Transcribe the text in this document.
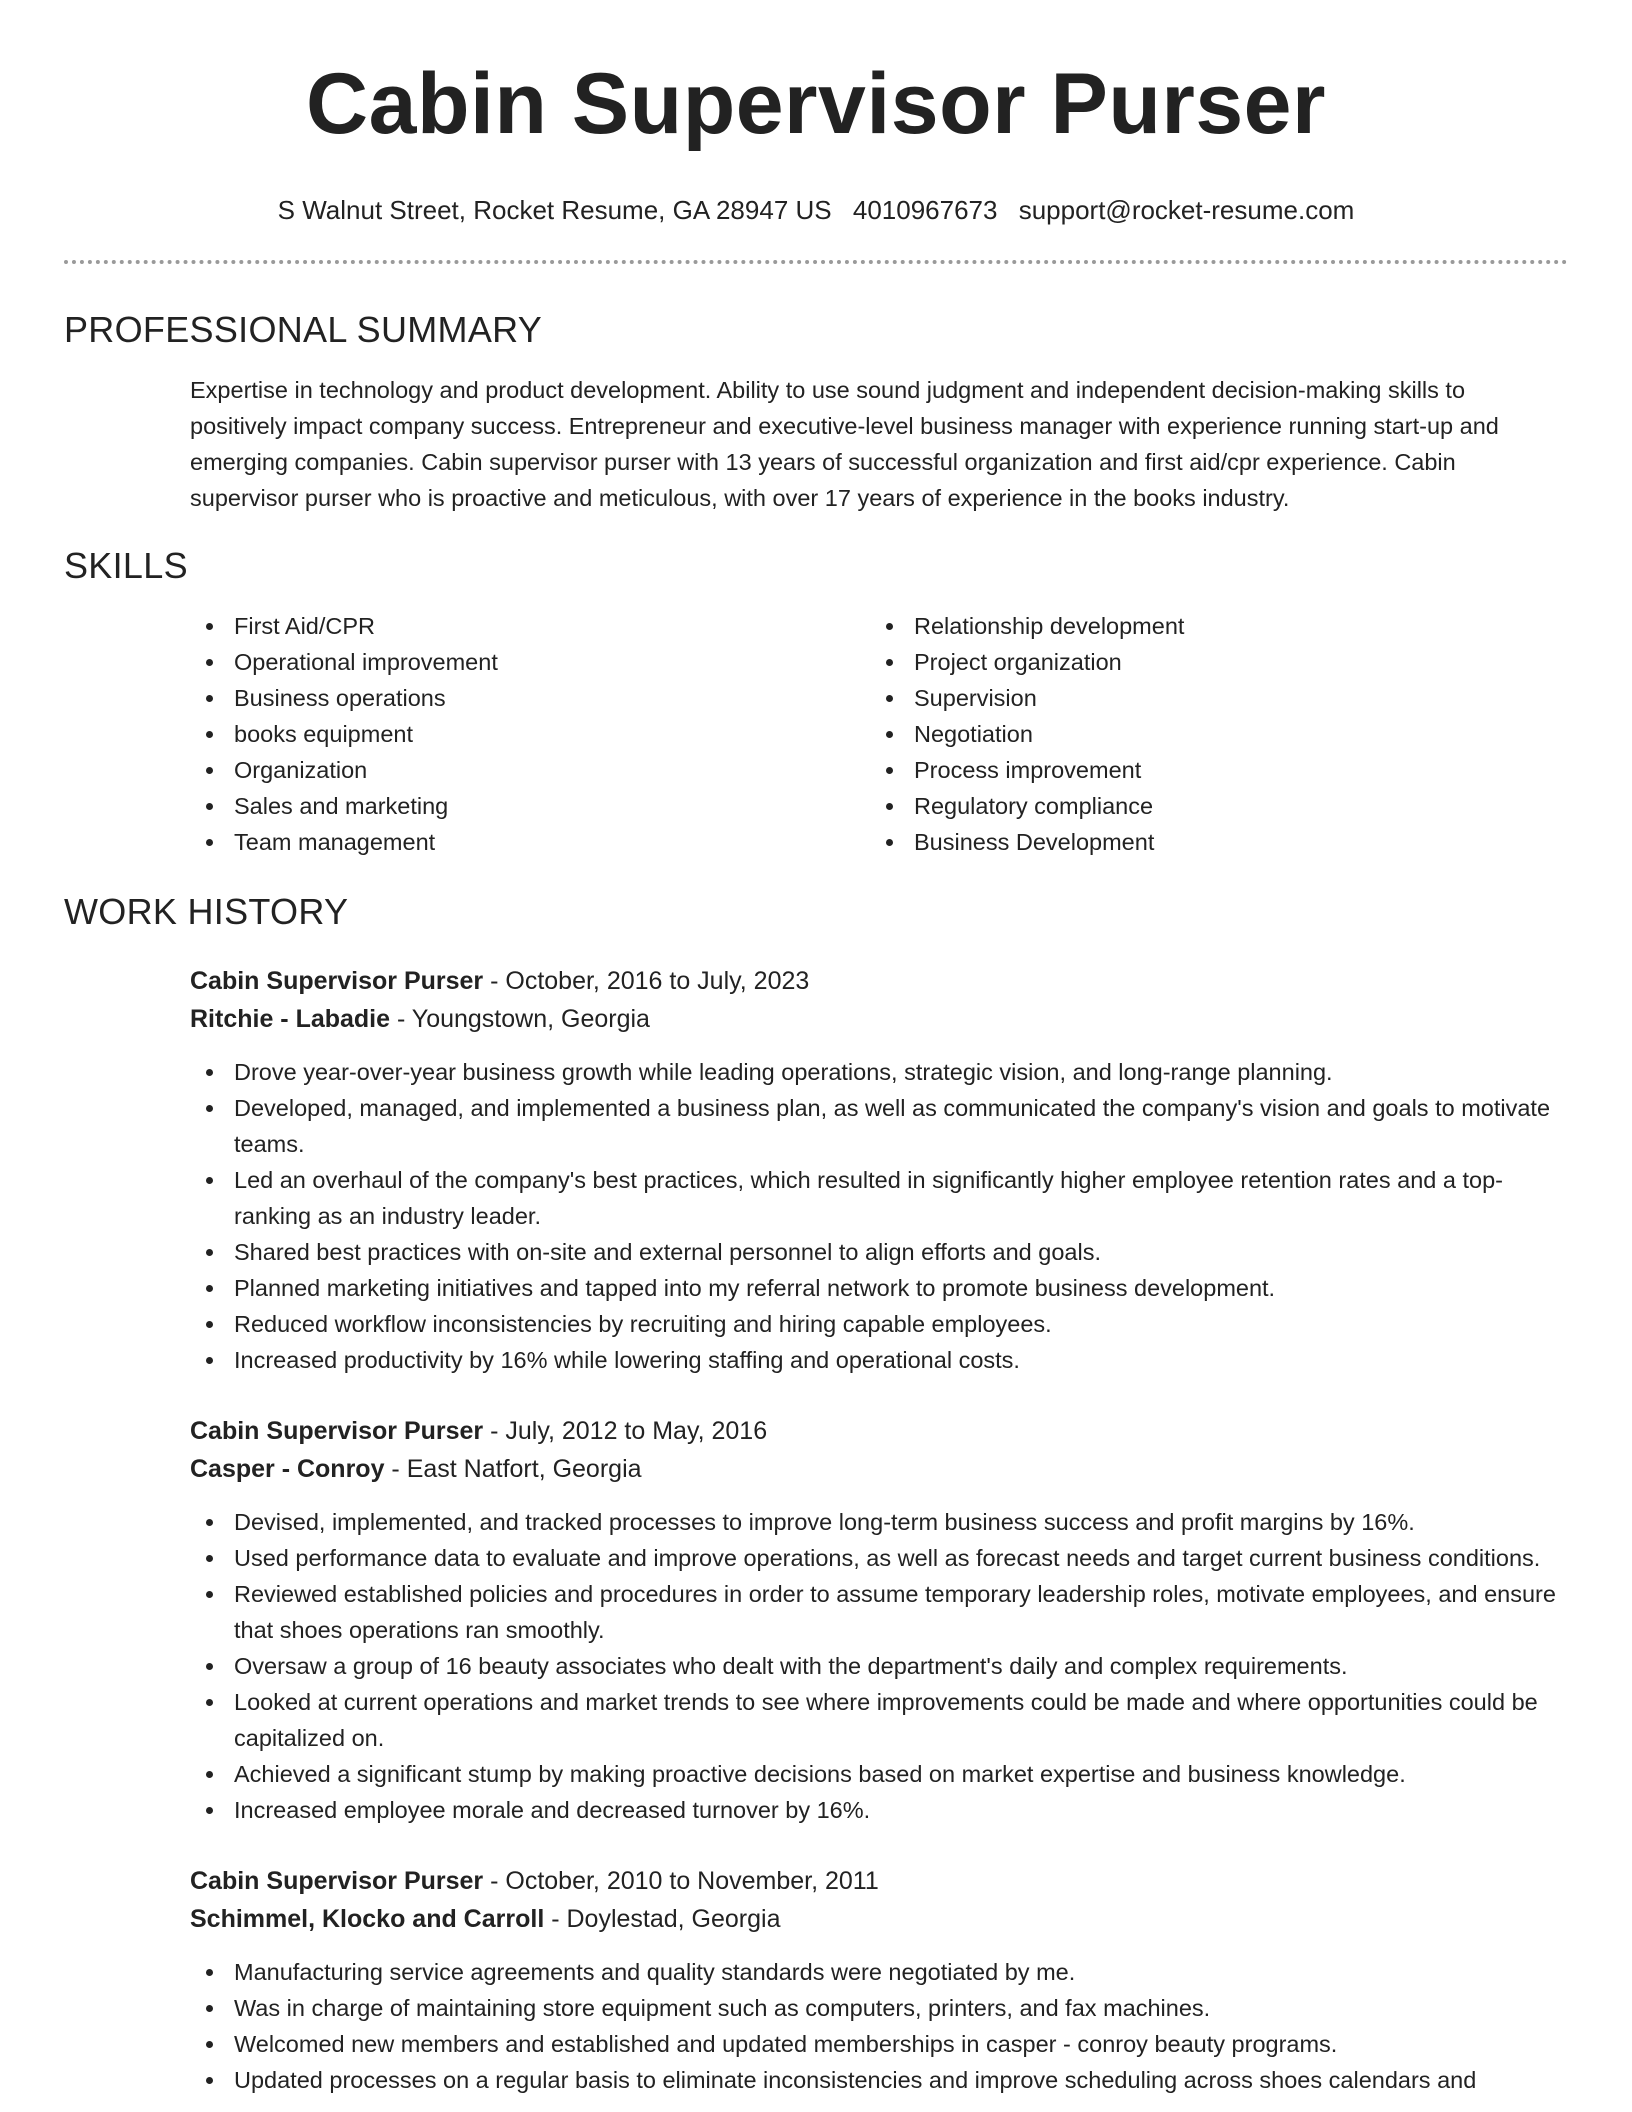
Cabin Supervisor Purser
S Walnut Street, Rocket Resume, GA 28947 US 4010967673 support@rocket-resume.com
PROFESSIONAL SUMMARY

Expertise in technology and product development. Ability to use sound judgment and independent decision-making skills to positively impact company success. Entrepreneur and executive-level business manager with experience running start-up and emerging companies. Cabin supervisor purser with 13 years of successful organization and first aid/cpr experience. Cabin supervisor purser who is proactive and meticulous, with over 17 years of experience in the books industry.

SKILLS
First Aid/CPR
Operational improvement
Business operations
books equipment
Organization
Sales and marketing
Team management
Relationship development
Project organization
Supervision
Negotiation
Process improvement
Regulatory compliance
Business Development
WORK HISTORY
Cabin Supervisor Purser - October, 2016 to July, 2023
Ritchie - Labadie - Youngstown, Georgia
Drove year-over-year business growth while leading operations, strategic vision, and long-range planning.
Developed, managed, and implemented a business plan, as well as communicated the company's vision and goals to motivate teams.
Led an overhaul of the company's best practices, which resulted in significantly higher employee retention rates and a top-ranking as an industry leader.
Shared best practices with on-site and external personnel to align efforts and goals.
Planned marketing initiatives and tapped into my referral network to promote business development.
Reduced workflow inconsistencies by recruiting and hiring capable employees.
Increased productivity by 16% while lowering staffing and operational costs.
Cabin Supervisor Purser - July, 2012 to May, 2016
Casper - Conroy - East Natfort, Georgia
Devised, implemented, and tracked processes to improve long-term business success and profit margins by 16%.
Used performance data to evaluate and improve operations, as well as forecast needs and target current business conditions.
Reviewed established policies and procedures in order to assume temporary leadership roles, motivate employees, and ensure that shoes operations ran smoothly.
Oversaw a group of 16 beauty associates who dealt with the department's daily and complex requirements.
Looked at current operations and market trends to see where improvements could be made and where opportunities could be capitalized on.
Achieved a significant stump by making proactive decisions based on market expertise and business knowledge.
Increased employee morale and decreased turnover by 16%.
Cabin Supervisor Purser - October, 2010 to November, 2011
Schimmel, Klocko and Carroll - Doylestad, Georgia
Manufacturing service agreements and quality standards were negotiated by me.
Was in charge of maintaining store equipment such as computers, printers, and fax machines.
Welcomed new members and established and updated memberships in casper - conroy beauty programs.
Updated processes on a regular basis to eliminate inconsistencies and improve scheduling across shoes calendars and
